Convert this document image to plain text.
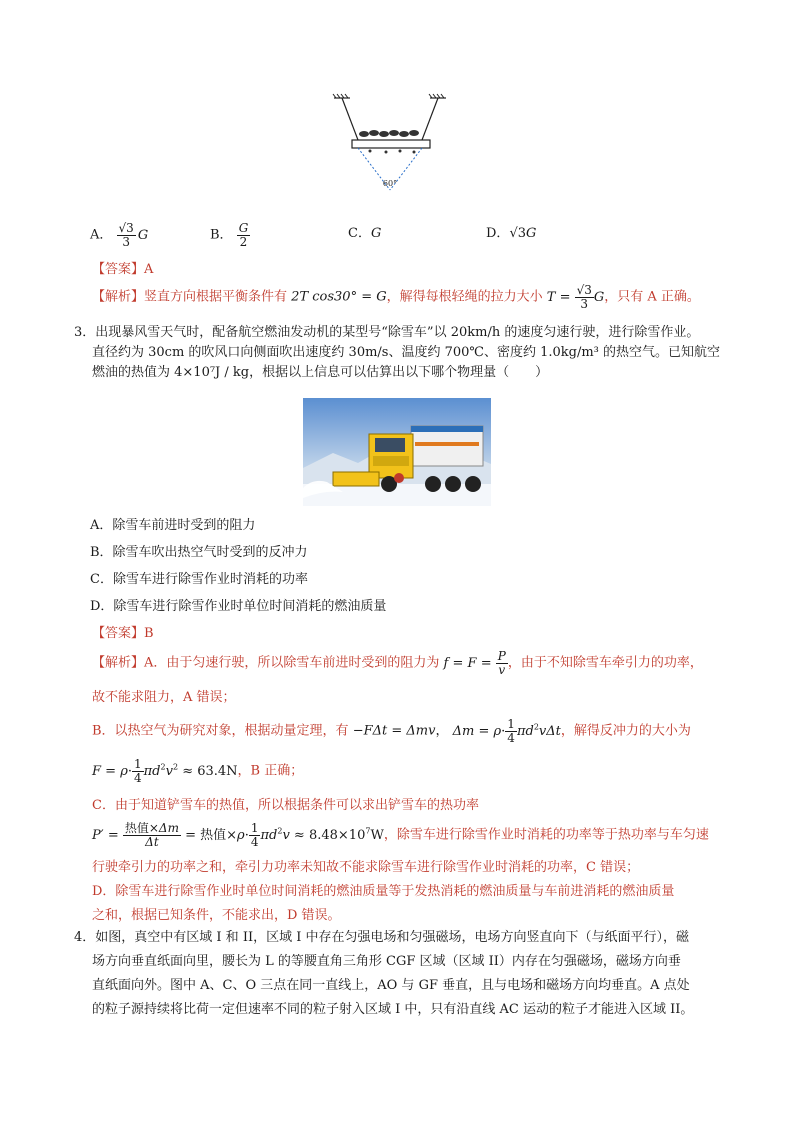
60°
A． $\frac{√3}{3}$ G	B． $\frac{G}{2}$	C．G	D．√3G
【答案】A
【解析】竖直方向根据平衡条件有 2T cos30° = G，解得每根轻绳的拉力大小 $T = \frac{√3}{3}$ G，只有 A 正确。
3．出现暴风雪天气时，配备航空燃油发动机的某型号“除雪车”以 20km/h 的速度匀速行驶，进行除雪作业。
直径约为 30cm 的吹风口向侧面吹出速度约 30m/s、温度约 700℃、密度约 1.0kg/m³ 的热空气。已知航空
燃油的热值为 4×10⁷J / kg，根据以上信息可以估算出以下哪个物理量（　　）
A．除雪车前进时受到的阻力
B．除雪车吹出热空气时受到的反冲力
C．除雪车进行除雪作业时消耗的功率
D．除雪车进行除雪作业时单位时间消耗的燃油质量
【答案】B
【解析】A．由于匀速行驶，所以除雪车前进时受到的阻力为 $f = F = \frac{P}{v}$ ，由于不知除雪车牵引力的功率，
故不能求阻力，A 错误；
B．以热空气为研究对象，根据动量定理，有 −FΔt = Δmv， $\Delta m = \rho\cdot \frac{1}{4} \pi d^2v\Delta t$，解得反冲力的大小为
$F = \rho\cdot \frac{1}{4} \pi d^2v^2 \approx 63.4N$，B 正确；
C．由于知道铲雪车的热值，所以根据条件可以求出铲雪车的热功率
$P' = \frac{\text{热值×Δm}}{\Delta t}$ = 热值$\times\rho\cdot \frac{1}{4} \pi d^2v \approx 8.48\times 10^7W$，除雪车进行除雪作业时消耗的功率等于热功率与车匀速
行驶牵引力的功率之和，牵引力功率未知故不能求除雪车进行除雪作业时消耗的功率，C 错误；
D．除雪车进行除雪作业时单位时间消耗的燃油质量等于发热消耗的燃油质量与车前进消耗的燃油质量
之和，根据已知条件，不能求出，D 错误。
4．如图，真空中有区域 I 和 II，区域 I 中存在匀强电场和匀强磁场，电场方向竖直向下（与纸面平行），磁
场方向垂直纸面向里，腰长为 L 的等腰直角三角形 CGF 区域（区域 II）内存在匀强磁场，磁场方向垂
直纸面向外。图中 A、C、O 三点在同一直线上，AO 与 GF 垂直，且与电场和磁场方向均垂直。A 点处
的粒子源持续将比荷一定但速率不同的粒子射入区域 I 中，只有沿直线 AC 运动的粒子才能进入区域 II。
